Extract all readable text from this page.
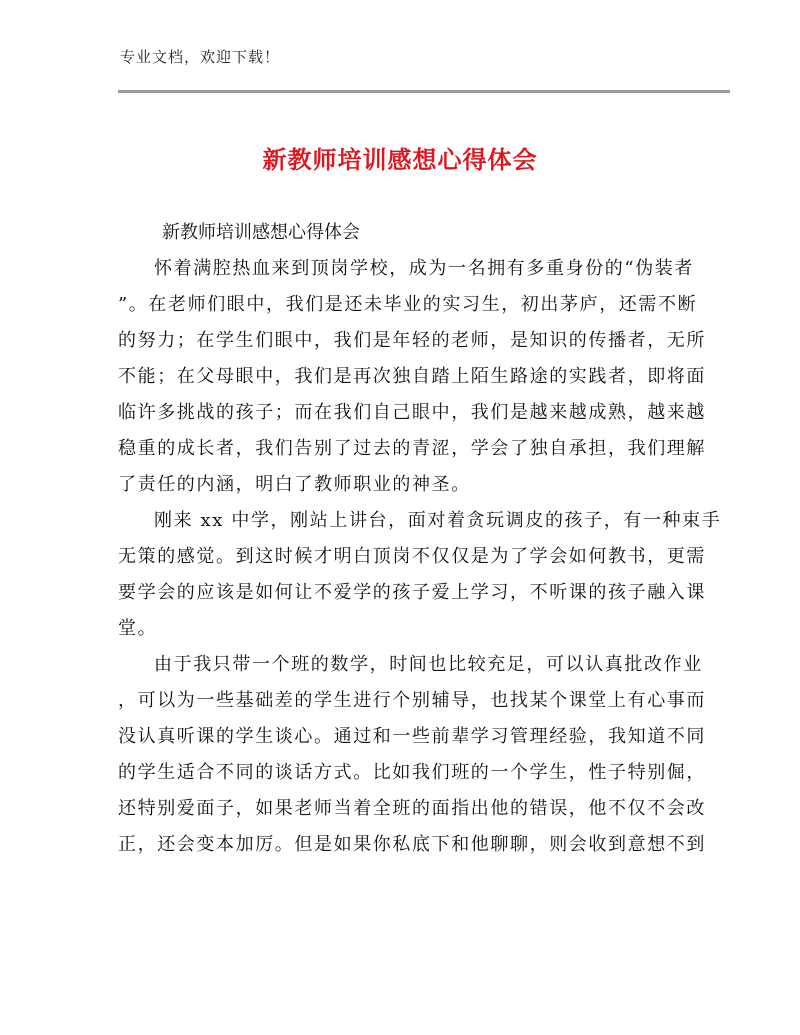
专业文档，欢迎下载！
新教师培训感想心得体会

新教师培训感想心得体会

怀着满腔热血来到顶岗学校，成为一名拥有多重身份的“伪装者
”。在老师们眼中，我们是还未毕业的实习生，初出茅庐，还需不断
的努力；在学生们眼中，我们是年轻的老师，是知识的传播者，无所
不能；在父母眼中，我们是再次独自踏上陌生路途的实践者，即将面
临许多挑战的孩子；而在我们自己眼中，我们是越来越成熟，越来越
稳重的成长者，我们告别了过去的青涩，学会了独自承担，我们理解
了责任的内涵，明白了教师职业的神圣。

刚来 xx 中学，刚站上讲台，面对着贪玩调皮的孩子，有一种束手
无策的感觉。到这时候才明白顶岗不仅仅是为了学会如何教书，更需
要学会的应该是如何让不爱学的孩子爱上学习，不听课的孩子融入课
堂。

由于我只带一个班的数学，时间也比较充足，可以认真批改作业
，可以为一些基础差的学生进行个别辅导，也找某个课堂上有心事而
没认真听课的学生谈心。通过和一些前辈学习管理经验，我知道不同
的学生适合不同的谈话方式。比如我们班的一个学生，性子特别倔，
还特别爱面子，如果老师当着全班的面指出他的错误，他不仅不会改
正，还会变本加厉。但是如果你私底下和他聊聊，则会收到意想不到
